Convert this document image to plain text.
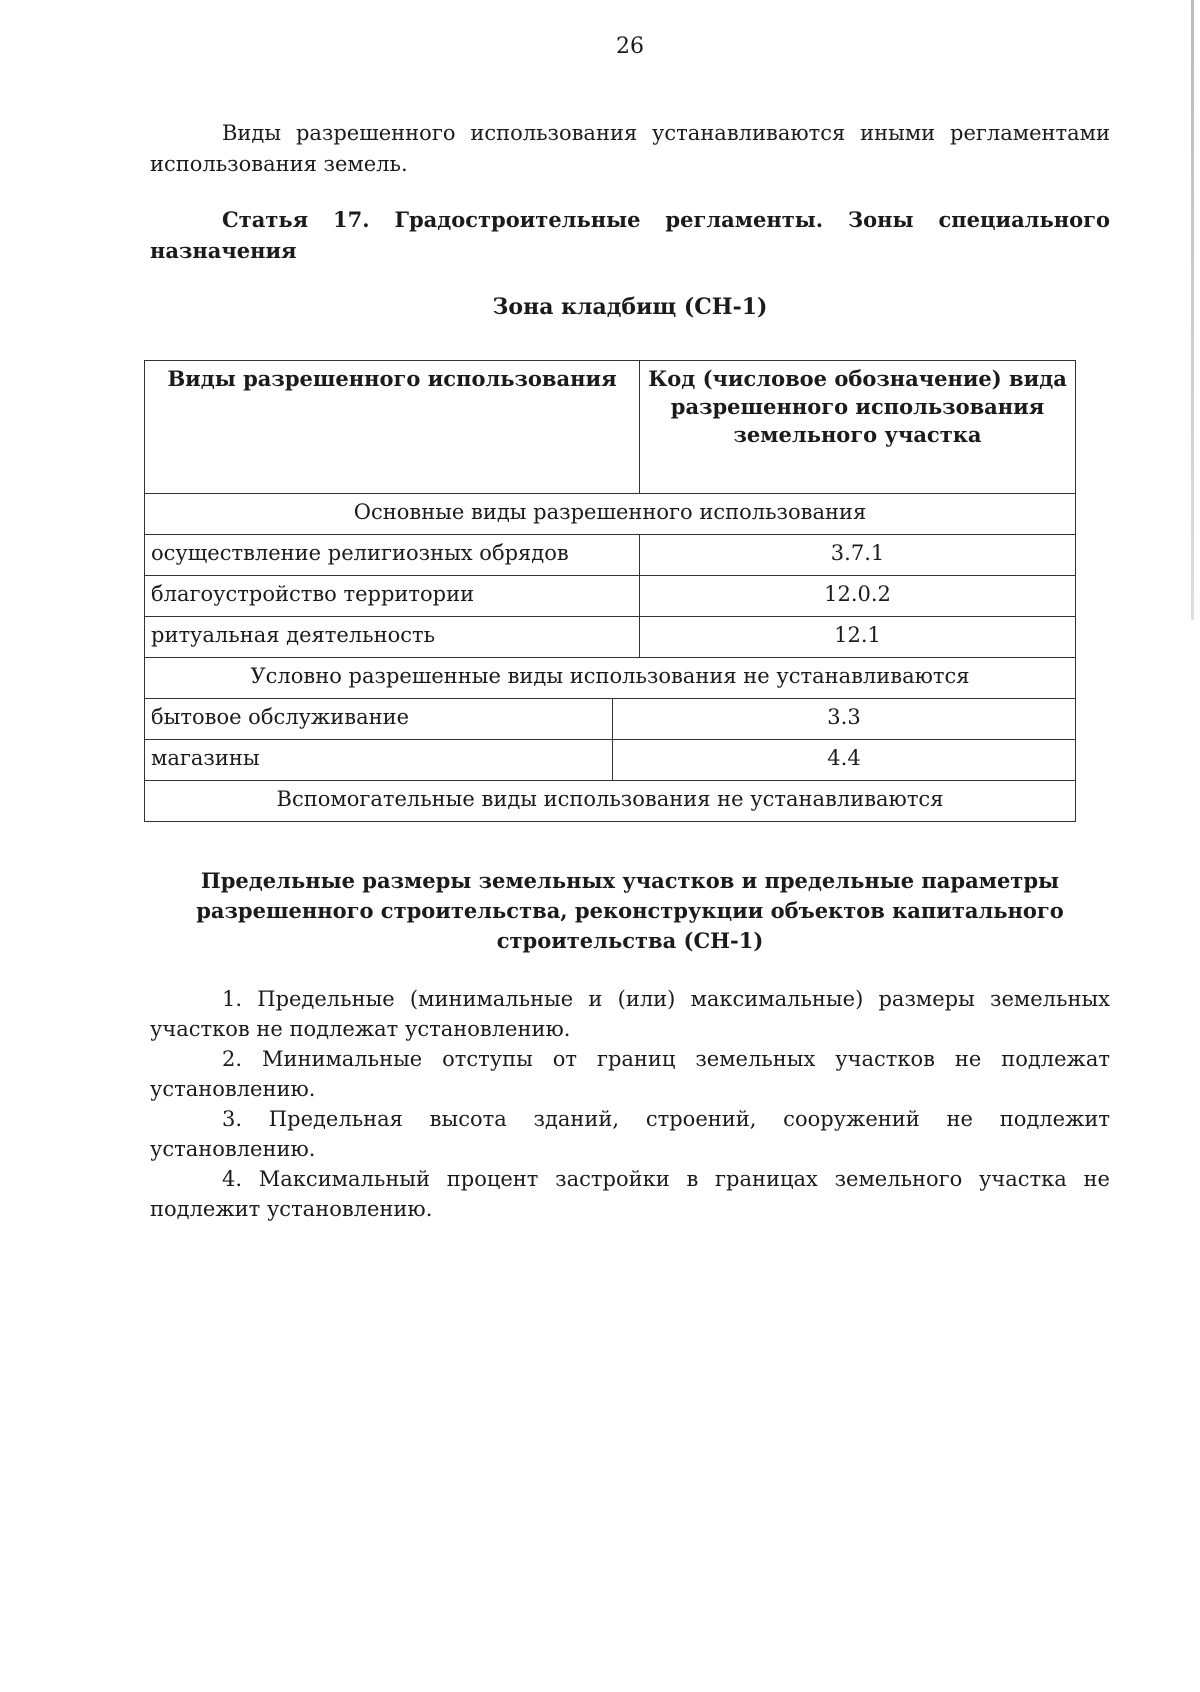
26

Виды разрешенного использования устанавливаются иными регламентами использования земель.

Статья 17. Градостроительные регламенты. Зоны специального назначения
Зона кладбищ (СН-1)
Виды разрешенного использования		Код (числовое обозначение) вида разрешенного использования земельного участка
Основные виды разрешенного использования		
осуществление религиозных обрядов		3.7.1
благоустройство территории		12.0.2
ритуальная деятельность		12.1
Условно разрешенные виды использования не устанавливаются		
бытовое обслуживание	3.3	
магазины	4.4	
Вспомогательные виды использования не устанавливаются		
Предельные размеры земельных участков и предельные параметры разрешенного строительства, реконструкции объектов капитального строительства (СН-1)

1. Предельные (минимальные и (или) максимальные) размеры земельных участков не подлежат установлению.

2. Минимальные отступы от границ земельных участков не подлежат установлению.

3. Предельная высота зданий, строений, сооружений не подлежит установлению.

4. Максимальный процент застройки в границах земельного участка не подлежит установлению.
